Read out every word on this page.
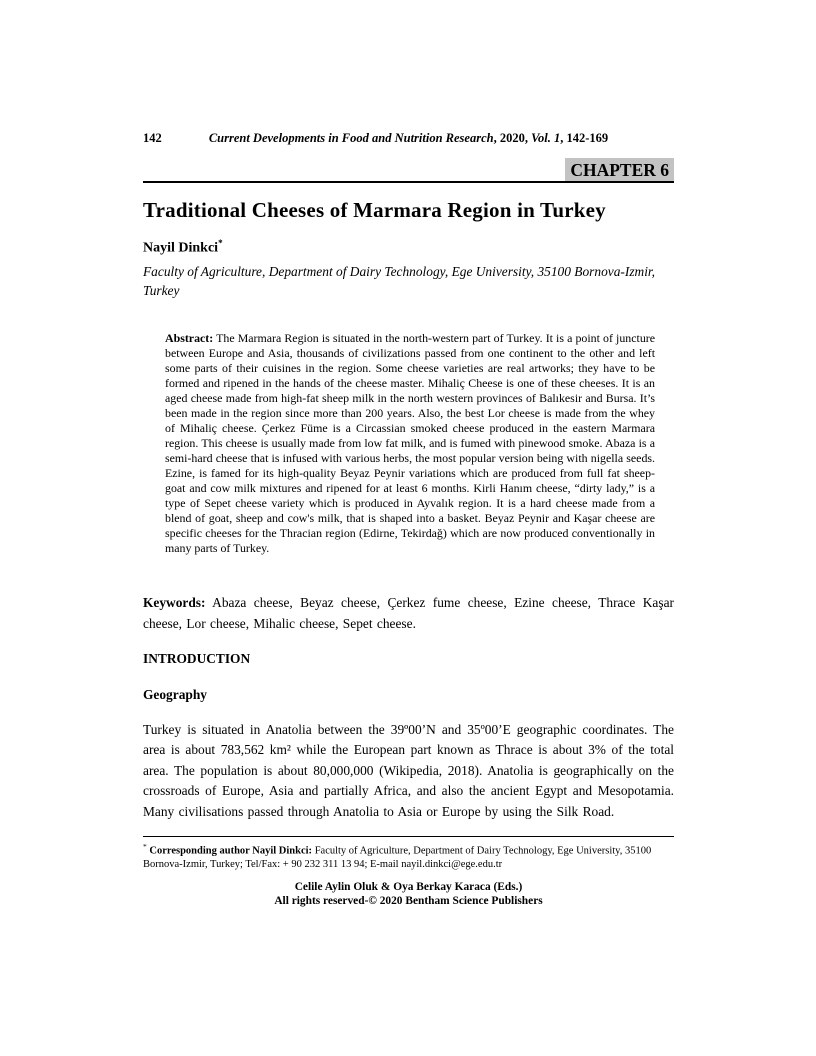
142	Current Developments in Food and Nutrition Research, 2020, Vol. 1, 142-169
CHAPTER 6
Traditional Cheeses of Marmara Region in Turkey
Nayil Dinkci*
Faculty of Agriculture, Department of Dairy Technology, Ege University, 35100 Bornova-Izmir, Turkey

Abstract: The Marmara Region is situated in the north-western part of Turkey. It is a point of juncture between Europe and Asia, thousands of civilizations passed from one continent to the other and left some parts of their cuisines in the region. Some cheese varieties are real artworks; they have to be formed and ripened in the hands of the cheese master. Mihaliç Cheese is one of these cheeses. It is an aged cheese made from high-fat sheep milk in the north western provinces of Balıkesir and Bursa. It’s been made in the region since more than 200 years. Also, the best Lor cheese is made from the whey of Mihaliç cheese. Çerkez Füme is a Circassian smoked cheese produced in the eastern Marmara region. This cheese is usually made from low fat milk, and is fumed with pinewood smoke. Abaza is a semi-hard cheese that is infused with various herbs, the most popular version being with nigella seeds. Ezine, is famed for its high-quality Beyaz Peynir variations which are produced from full fat sheep-goat and cow milk mixtures and ripened for at least 6 months. Kirli Hanım cheese, “dirty lady,” is a type of Sepet cheese variety which is produced in Ayvalık region. It is a hard cheese made from a blend of goat, sheep and cow's milk, that is shaped into a basket. Beyaz Peynir and Kaşar cheese are specific cheeses for the Thracian region (Edirne, Tekirdağ) which are now produced conventionally in many parts of Turkey.

Keywords: Abaza cheese, Beyaz cheese, Çerkez fume cheese, Ezine cheese, Thrace Kaşar cheese, Lor cheese, Mihalic cheese, Sepet cheese.

INTRODUCTION
Geography

Turkey is situated in Anatolia between the 39º00’N and 35º00’E geographic coordinates. The area is about 783,562 km² while the European part known as Thrace is about 3% of the total area. The population is about 80,000,000 (Wikipedia, 2018). Anatolia is geographically on the crossroads of Europe, Asia and partially Africa, and also the ancient Egypt and Mesopotamia. Many civilisations passed through Anatolia to Asia or Europe by using the Silk Road.

* Corresponding author Nayil Dinkci: Faculty of Agriculture, Department of Dairy Technology, Ege University, 35100 Bornova-Izmir, Turkey; Tel/Fax: + 90 232 311 13 94; E-mail nayil.dinkci@ege.edu.tr
Celile Aylin Oluk & Oya Berkay Karaca (Eds.)
All rights reserved-© 2020 Bentham Science Publishers
